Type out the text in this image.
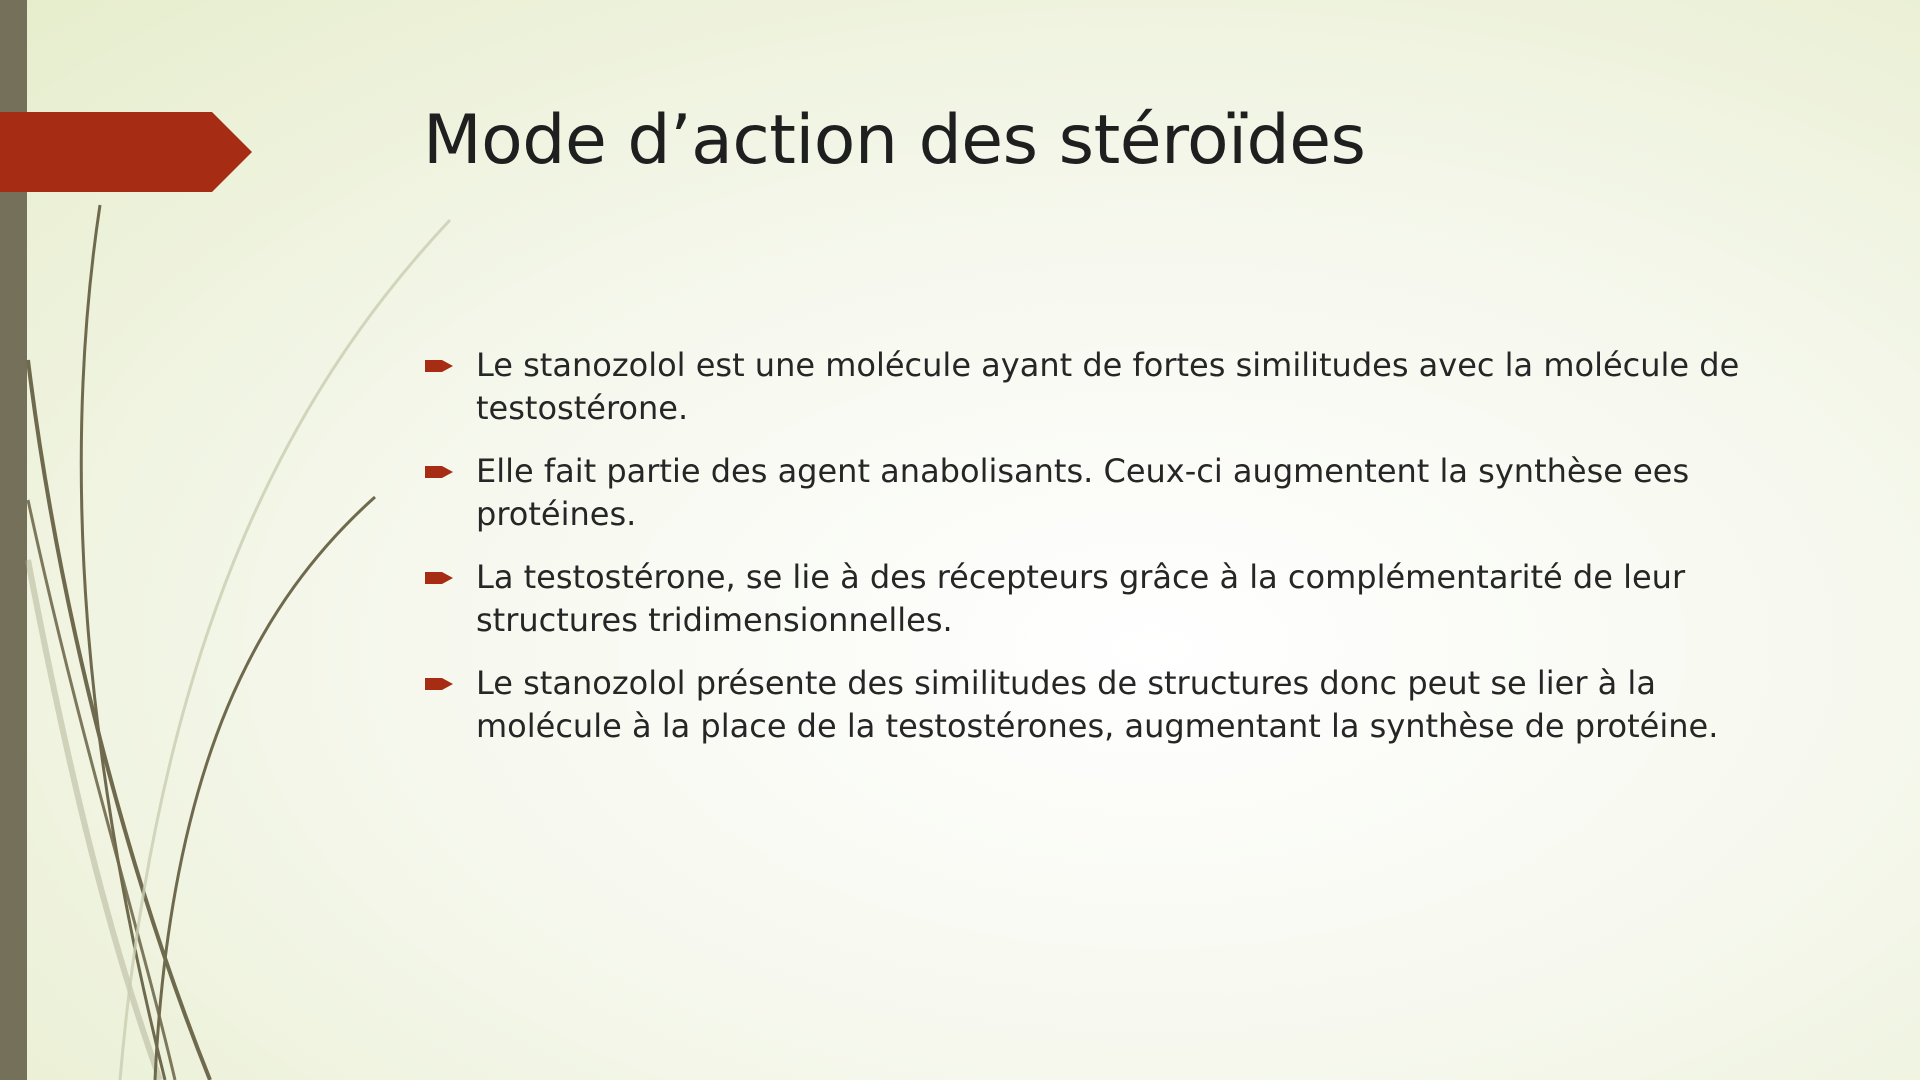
Mode d’action des stéroïdes
Le stanozolol est une molécule ayant de fortes similitudes avec la molécule de testostérone.
Elle fait partie des agent anabolisants. Ceux-ci augmentent la synthèse ees protéines.
La testostérone, se lie à des récepteurs grâce à la complémentarité de leur structures tridimensionnelles.
Le stanozolol présente des similitudes de structures donc peut se lier à la molécule à la place de la testostérones, augmentant la synthèse de protéine.
